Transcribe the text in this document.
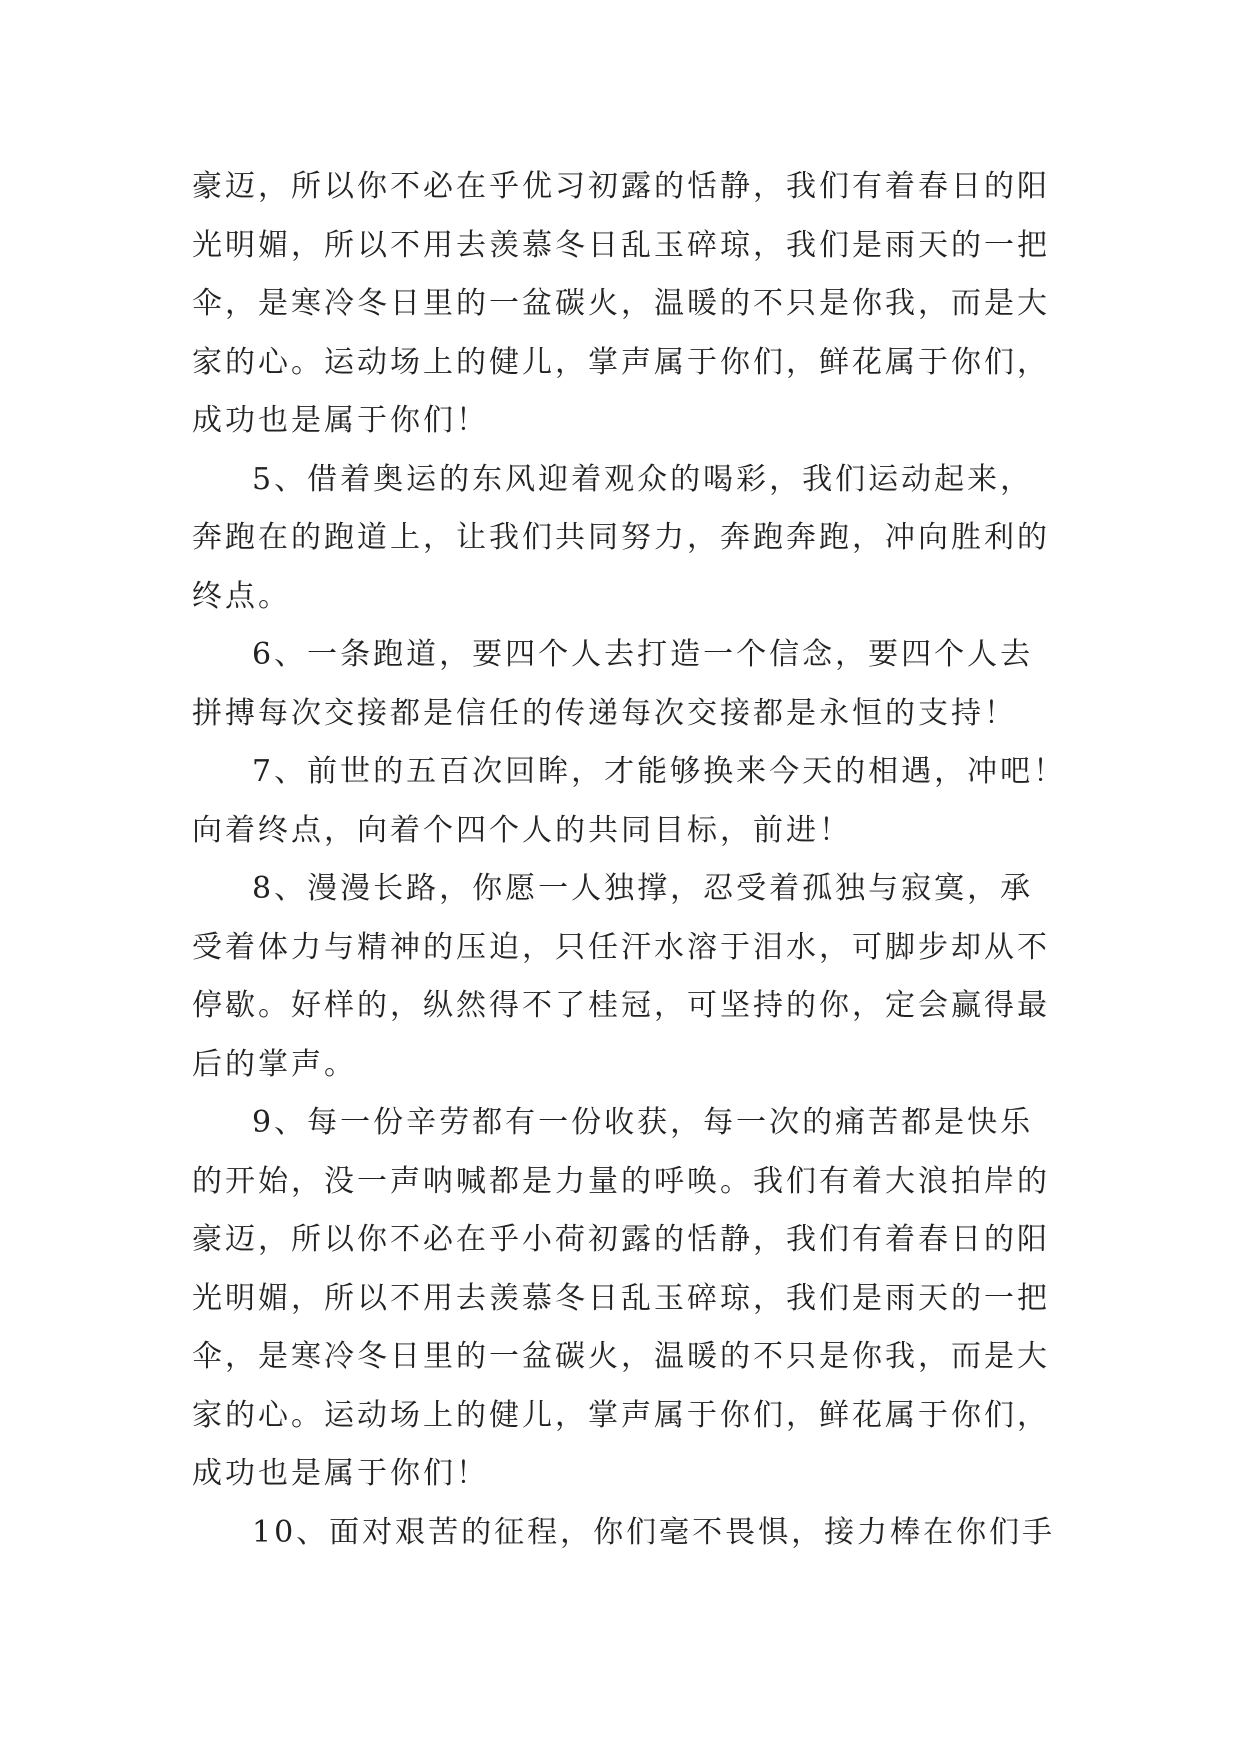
豪迈，所以你不必在乎优习初露的恬静，我们有着春日的阳
光明媚，所以不用去羡慕冬日乱玉碎琼，我们是雨天的一把
伞，是寒冷冬日里的一盆碳火，温暖的不只是你我，而是大
家的心。运动场上的健儿，掌声属于你们，鲜花属于你们，
成功也是属于你们！
5、借着奥运的东风迎着观众的喝彩，我们运动起来，
奔跑在的跑道上，让我们共同努力，奔跑奔跑，冲向胜利的
终点。
6、一条跑道，要四个人去打造一个信念，要四个人去
拼搏每次交接都是信任的传递每次交接都是永恒的支持！
7、前世的五百次回眸，才能够换来今天的相遇，冲吧！
向着终点，向着个四个人的共同目标，前进！
8、漫漫长路，你愿一人独撑，忍受着孤独与寂寞，承
受着体力与精神的压迫，只任汗水溶于泪水，可脚步却从不
停歇。好样的，纵然得不了桂冠，可坚持的你，定会赢得最
后的掌声。
9、每一份辛劳都有一份收获，每一次的痛苦都是快乐
的开始，没一声呐喊都是力量的呼唤。我们有着大浪拍岸的
豪迈，所以你不必在乎小荷初露的恬静，我们有着春日的阳
光明媚，所以不用去羡慕冬日乱玉碎琼，我们是雨天的一把
伞，是寒冷冬日里的一盆碳火，温暖的不只是你我，而是大
家的心。运动场上的健儿，掌声属于你们，鲜花属于你们，
成功也是属于你们！
10、面对艰苦的征程，你们毫不畏惧，接力棒在你们手
